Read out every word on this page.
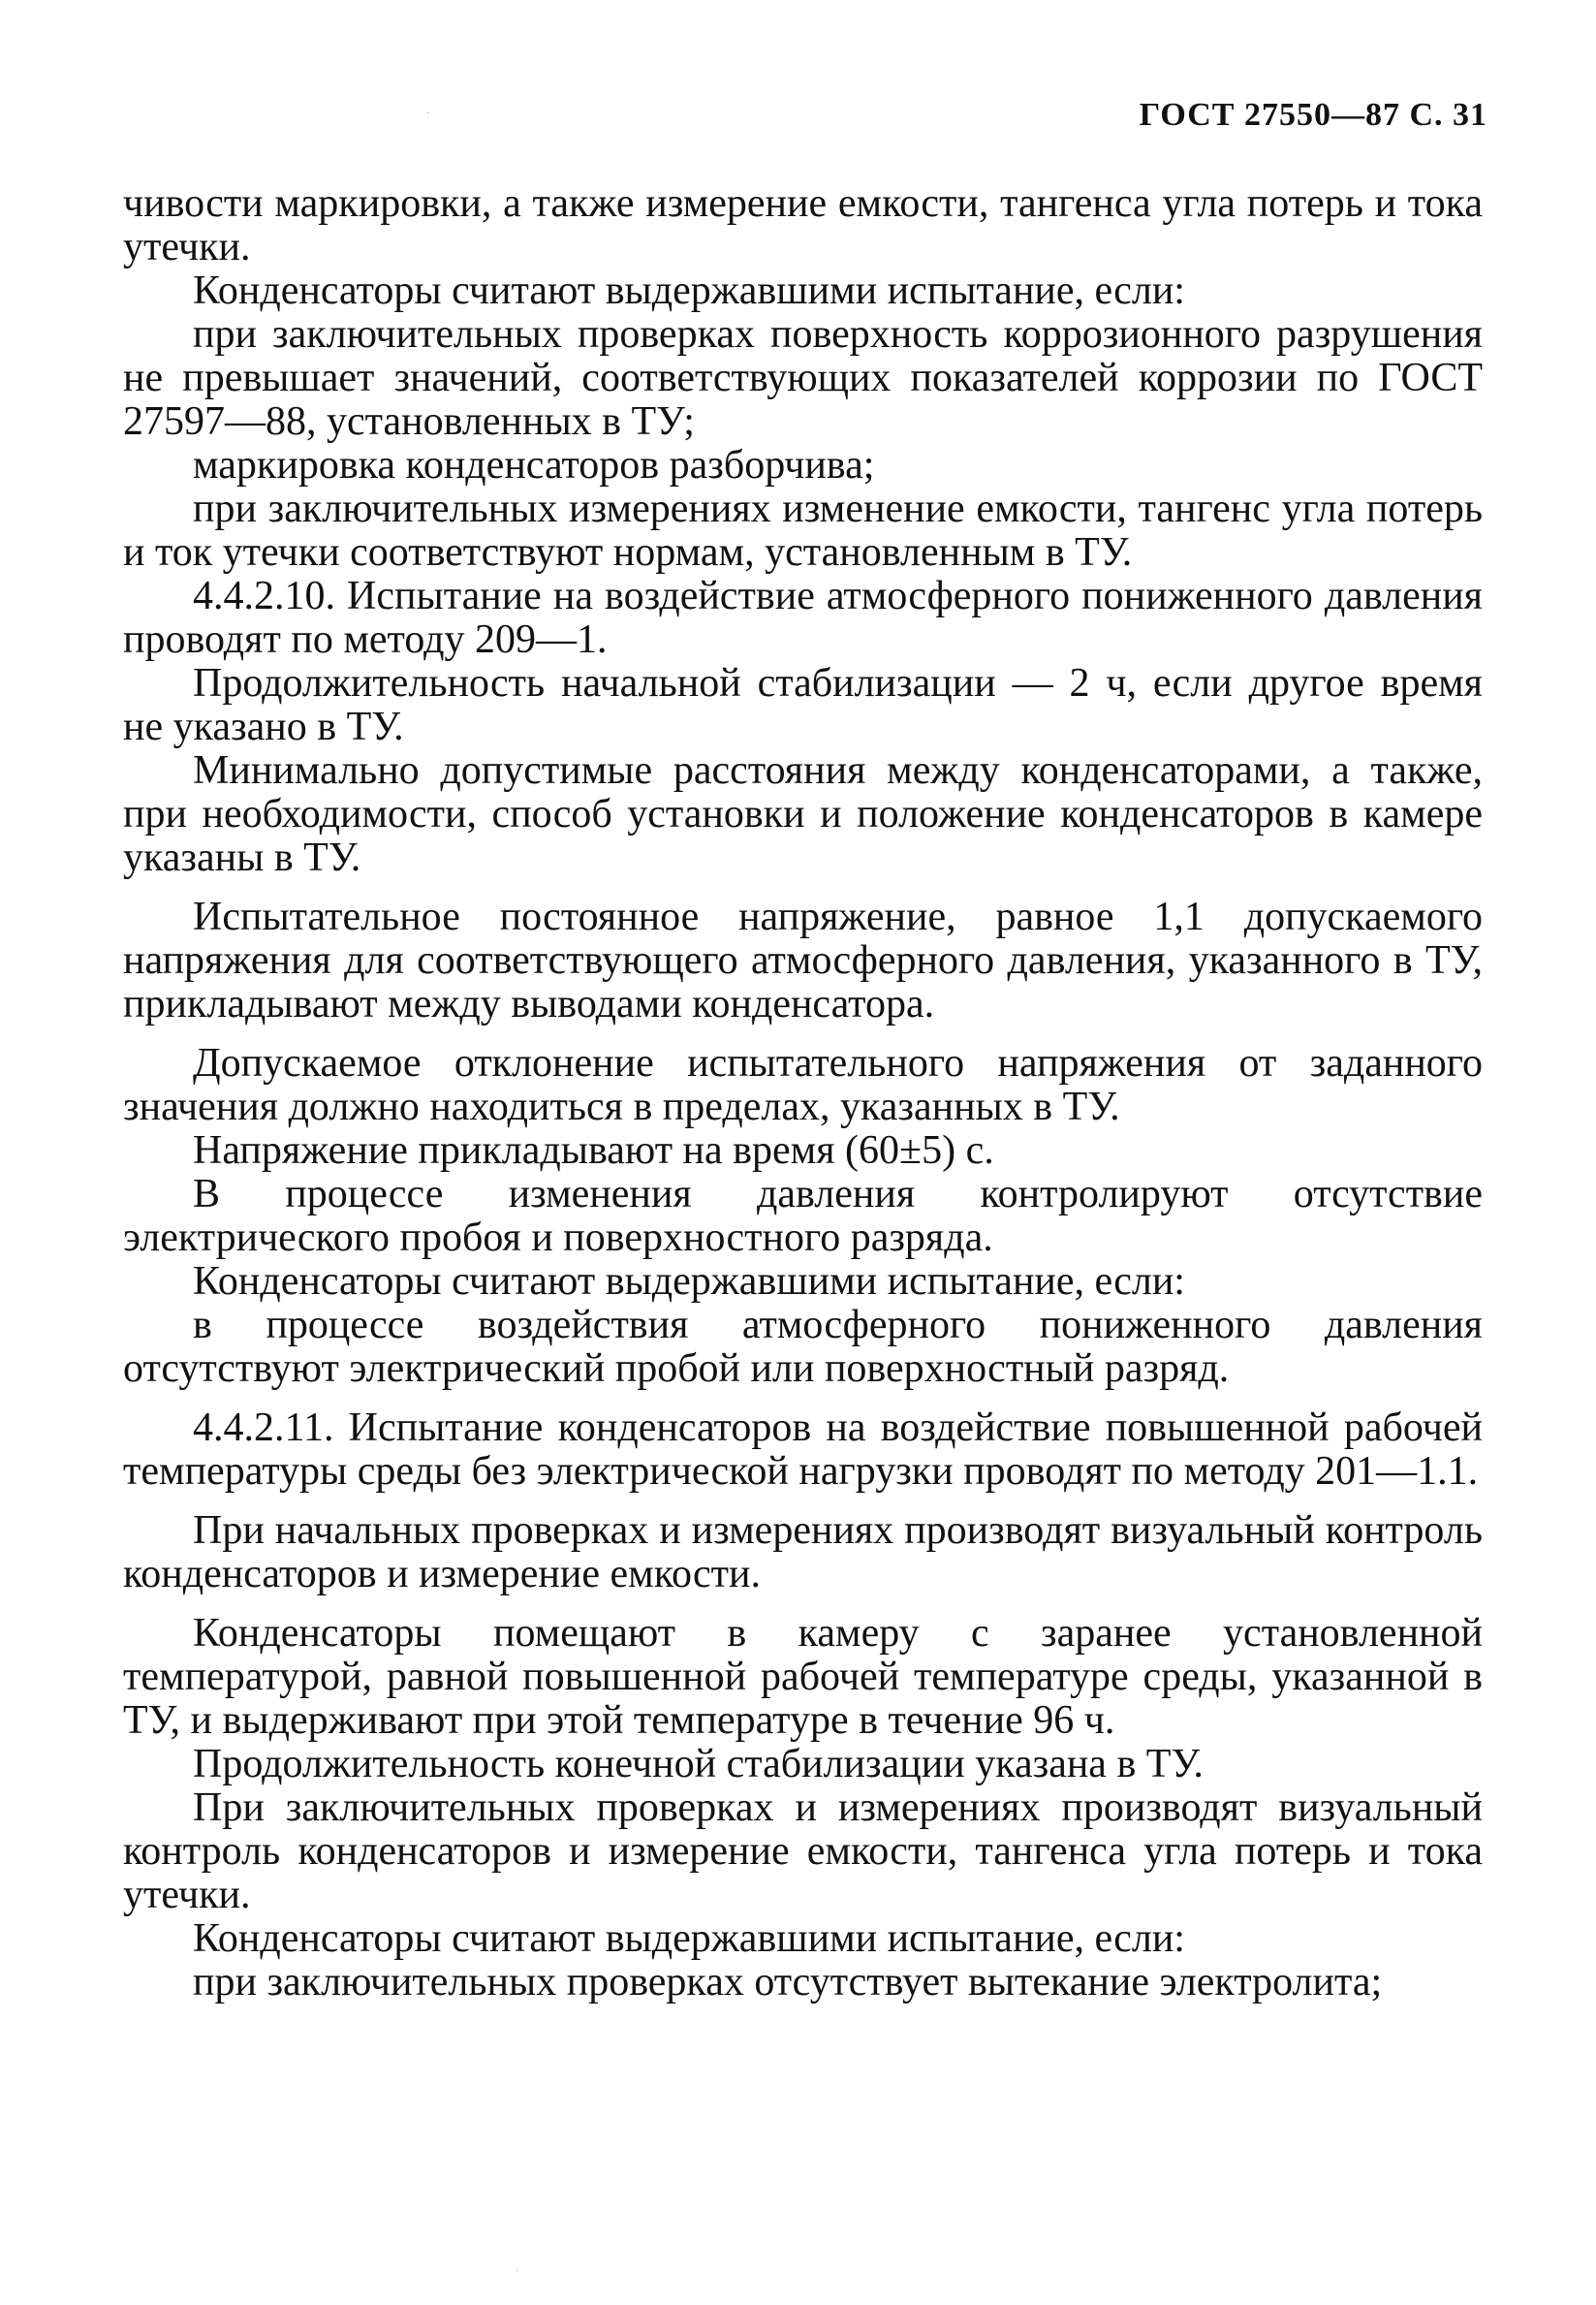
ГОСТ 27550—87 С. 31

чивости маркировки, а также измерение емкости, тангенса угла потерь и тока утечки.

Конденсаторы считают выдержавшими испытание, если:

при заключительных проверках поверхность коррозионного разрушения не превышает значений, соответствующих показателей коррозии по ГОСТ 27597—88, установленных в ТУ;

маркировка конденсаторов разборчива;

при заключительных измерениях изменение емкости, тангенс угла потерь и ток утечки соответствуют нормам, установленным в ТУ.

4.4.2.10. Испытание на воздействие атмосферного пониженного давления проводят по методу 209—1.

Продолжительность начальной стабилизации — 2 ч, если другое время не указано в ТУ.

Минимально допустимые расстояния между конденсаторами, а также, при необходимости, способ установки и положение конденсаторов в камере указаны в ТУ.

Испытательное постоянное напряжение, равное 1,1 допускаемого напряжения для соответствующего атмосферного давления, указанного в ТУ, прикладывают между выводами конденсатора.

Допускаемое отклонение испытательного напряжения от заданного значения должно находиться в пределах, указанных в ТУ.

Напряжение прикладывают на время (60±5) с.

В процессе изменения давления контролируют отсутствие электрического пробоя и поверхностного разряда.

Конденсаторы считают выдержавшими испытание, если:

в процессе воздействия атмосферного пониженного давления отсутствуют электрический пробой или поверхностный разряд.

4.4.2.11. Испытание конденсаторов на воздействие повышенной рабочей температуры среды без электрической нагрузки проводят по методу 201—1.1.

При начальных проверках и измерениях производят визуальный контроль конденсаторов и измерение емкости.

Конденсаторы помещают в камеру с заранее установленной температурой, равной повышенной рабочей температуре среды, указанной в ТУ, и выдерживают при этой температуре в течение 96 ч.

Продолжительность конечной стабилизации указана в ТУ.

При заключительных проверках и измерениях производят визуальный контроль конденсаторов и измерение емкости, тангенса угла потерь и тока утечки.

Конденсаторы считают выдержавшими испытание, если:

при заключительных проверках отсутствует вытекание электролита;

·
·
